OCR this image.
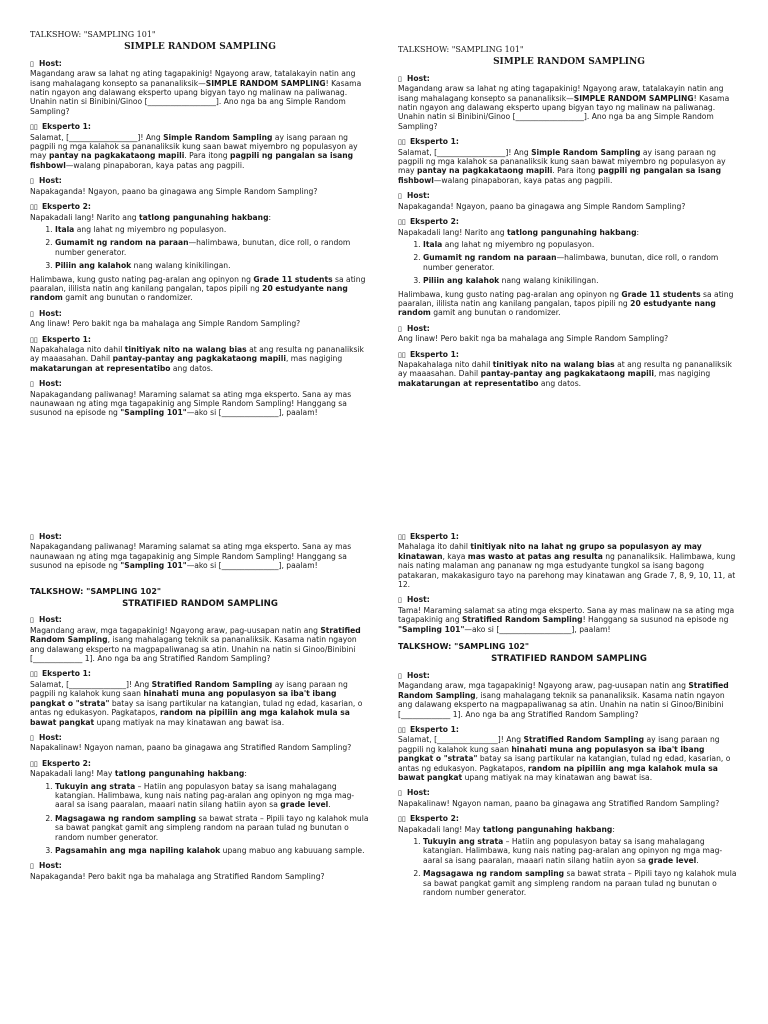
TALKSHOW: "SAMPLING 101"
SIMPLE RANDOM SAMPLING
▯ Host:

Magandang araw sa lahat ng ating tagapakinig! Ngayong araw, tatalakayin natin ang isang mahalagang konsepto sa pananaliksik—SIMPLE RANDOM SAMPLING! Kasama natin ngayon ang dalawang eksperto upang bigyan tayo ng malinaw na paliwanag. Unahin natin si Binibini/Ginoo [__________________]. Ano nga ba ang Simple Random Sampling?

▯▯ Eksperto 1:

Salamat, [__________________]! Ang Simple Random Sampling ay isang paraan ng pagpili ng mga kalahok sa pananaliksik kung saan bawat miyembro ng populasyon ay may pantay na pagkakataong mapili. Para itong pagpili ng pangalan sa isang fishbowl—walang pinapaboran, kaya patas ang pagpili.

▯ Host:

Napakaganda! Ngayon, paano ba ginagawa ang Simple Random Sampling?

▯▯ Eksperto 2:

Napakadali lang! Narito ang tatlong pangunahing hakbang:

1. Itala ang lahat ng miyembro ng populasyon.
2. Gumamit ng random na paraan—halimbawa, bunutan, dice roll, o random number generator.
3. Piliin ang kalahok nang walang kinikilingan.

Halimbawa, kung gusto nating pag-aralan ang opinyon ng Grade 11 students sa ating paaralan, ililista natin ang kanilang pangalan, tapos pipili ng 20 estudyante nang random gamit ang bunutan o randomizer.

▯ Host:

Ang linaw! Pero bakit nga ba mahalaga ang Simple Random Sampling?

▯▯ Eksperto 1:

Napakahalaga nito dahil tinitiyak nito na walang bias at ang resulta ng pananaliksik ay maaasahan. Dahil pantay-pantay ang pagkakataong mapili, mas nagiging makatarungan at representatibo ang datos.

▯ Host:

Napakagandang paliwanag! Maraming salamat sa ating mga eksperto. Sana ay mas naunawaan ng ating mga tagapakinig ang Simple Random Sampling! Hanggang sa susunod na episode ng "Sampling 101"—ako si [_______________], paalam!

TALKSHOW: "SAMPLING 101"
SIMPLE RANDOM SAMPLING
▯ Host:

Magandang araw sa lahat ng ating tagapakinig! Ngayong araw, tatalakayin natin ang isang mahalagang konsepto sa pananaliksik—SIMPLE RANDOM SAMPLING! Kasama natin ngayon ang dalawang eksperto upang bigyan tayo ng malinaw na paliwanag. Unahin natin si Binibini/Ginoo [__________________]. Ano nga ba ang Simple Random Sampling?

▯▯ Eksperto 1:

Salamat, [__________________]! Ang Simple Random Sampling ay isang paraan ng pagpili ng mga kalahok sa pananaliksik kung saan bawat miyembro ng populasyon ay may pantay na pagkakataong mapili. Para itong pagpili ng pangalan sa isang fishbowl—walang pinapaboran, kaya patas ang pagpili.

▯ Host:

Napakaganda! Ngayon, paano ba ginagawa ang Simple Random Sampling?

▯▯ Eksperto 2:

Napakadali lang! Narito ang tatlong pangunahing hakbang:

1. Itala ang lahat ng miyembro ng populasyon.
2. Gumamit ng random na paraan—halimbawa, bunutan, dice roll, o random number generator.
3. Piliin ang kalahok nang walang kinikilingan.

Halimbawa, kung gusto nating pag-aralan ang opinyon ng Grade 11 students sa ating paaralan, ililista natin ang kanilang pangalan, tapos pipili ng 20 estudyante nang random gamit ang bunutan o randomizer.

▯ Host:

Ang linaw! Pero bakit nga ba mahalaga ang Simple Random Sampling?

▯▯ Eksperto 1:

Napakahalaga nito dahil tinitiyak nito na walang bias at ang resulta ng pananaliksik ay maaasahan. Dahil pantay-pantay ang pagkakataong mapili, mas nagiging makatarungan at representatibo ang datos.

▯ Host:

Napakagandang paliwanag! Maraming salamat sa ating mga eksperto. Sana ay mas naunawaan ng ating mga tagapakinig ang Simple Random Sampling! Hanggang sa susunod na episode ng "Sampling 101"—ako si [_______________], paalam!

TALKSHOW: "SAMPLING 102"
STRATIFIED RANDOM SAMPLING
▯ Host:

Magandang araw, mga tagapakinig! Ngayong araw, pag-uusapan natin ang Stratified Random Sampling, isang mahalagang teknik sa pananaliksik. Kasama natin ngayon ang dalawang eksperto na magpapaliwanag sa atin. Unahin na natin si Ginoo/Binibini [_____________ 1]. Ano nga ba ang Stratified Random Sampling?

▯▯ Eksperto 1:

Salamat, [_______________]! Ang Stratified Random Sampling ay isang paraan ng pagpili ng kalahok kung saan hinahati muna ang populasyon sa iba't ibang pangkat o "strata" batay sa isang partikular na katangian, tulad ng edad, kasarian, o antas ng edukasyon. Pagkatapos, random na pipiliin ang mga kalahok mula sa bawat pangkat upang matiyak na may kinatawan ang bawat isa.

▯ Host:

Napakalinaw! Ngayon naman, paano ba ginagawa ang Stratified Random Sampling?

▯▯ Eksperto 2:

Napakadali lang! May tatlong pangunahing hakbang:

1. Tukuyin ang strata – Hatiin ang populasyon batay sa isang mahalagang katangian. Halimbawa, kung nais nating pag-aralan ang opinyon ng mga mag-aaral sa isang paaralan, maaari natin silang hatiin ayon sa grade level.
2. Magsagawa ng random sampling sa bawat strata – Pipili tayo ng kalahok mula sa bawat pangkat gamit ang simpleng random na paraan tulad ng bunutan o random number generator.
3. Pagsamahin ang mga napiling kalahok upang mabuo ang kabuuang sample.
▯ Host:

Napakaganda! Pero bakit nga ba mahalaga ang Stratified Random Sampling?

▯▯ Eksperto 1:

Mahalaga ito dahil tinitiyak nito na lahat ng grupo sa populasyon ay may kinatawan, kaya mas wasto at patas ang resulta ng pananaliksik. Halimbawa, kung nais nating malaman ang pananaw ng mga estudyante tungkol sa isang bagong patakaran, makakasiguro tayo na parehong may kinatawan ang Grade 7, 8, 9, 10, 11, at 12.

▯ Host:

Tama! Maraming salamat sa ating mga eksperto. Sana ay mas malinaw na sa ating mga tagapakinig ang Stratified Random Sampling! Hanggang sa susunod na episode ng "Sampling 101"—ako si [___________________], paalam!

TALKSHOW: "SAMPLING 102"
STRATIFIED RANDOM SAMPLING
▯ Host:

Magandang araw, mga tagapakinig! Ngayong araw, pag-uusapan natin ang Stratified Random Sampling, isang mahalagang teknik sa pananaliksik. Kasama natin ngayon ang dalawang eksperto na magpapaliwanag sa atin. Unahin na natin si Ginoo/Binibini [_____________ 1]. Ano nga ba ang Stratified Random Sampling?

▯▯ Eksperto 1:

Salamat, [________________]! Ang Stratified Random Sampling ay isang paraan ng pagpili ng kalahok kung saan hinahati muna ang populasyon sa iba't ibang pangkat o "strata" batay sa isang partikular na katangian, tulad ng edad, kasarian, o antas ng edukasyon. Pagkatapos, random na pipiliin ang mga kalahok mula sa bawat pangkat upang matiyak na may kinatawan ang bawat isa.

▯ Host:

Napakalinaw! Ngayon naman, paano ba ginagawa ang Stratified Random Sampling?

▯▯ Eksperto 2:

Napakadali lang! May tatlong pangunahing hakbang:

1. Tukuyin ang strata – Hatiin ang populasyon batay sa isang mahalagang katangian. Halimbawa, kung nais nating pag-aralan ang opinyon ng mga mag-aaral sa isang paaralan, maaari natin silang hatiin ayon sa grade level.
2. Magsagawa ng random sampling sa bawat strata – Pipili tayo ng kalahok mula sa bawat pangkat gamit ang simpleng random na paraan tulad ng bunutan o random number generator.
